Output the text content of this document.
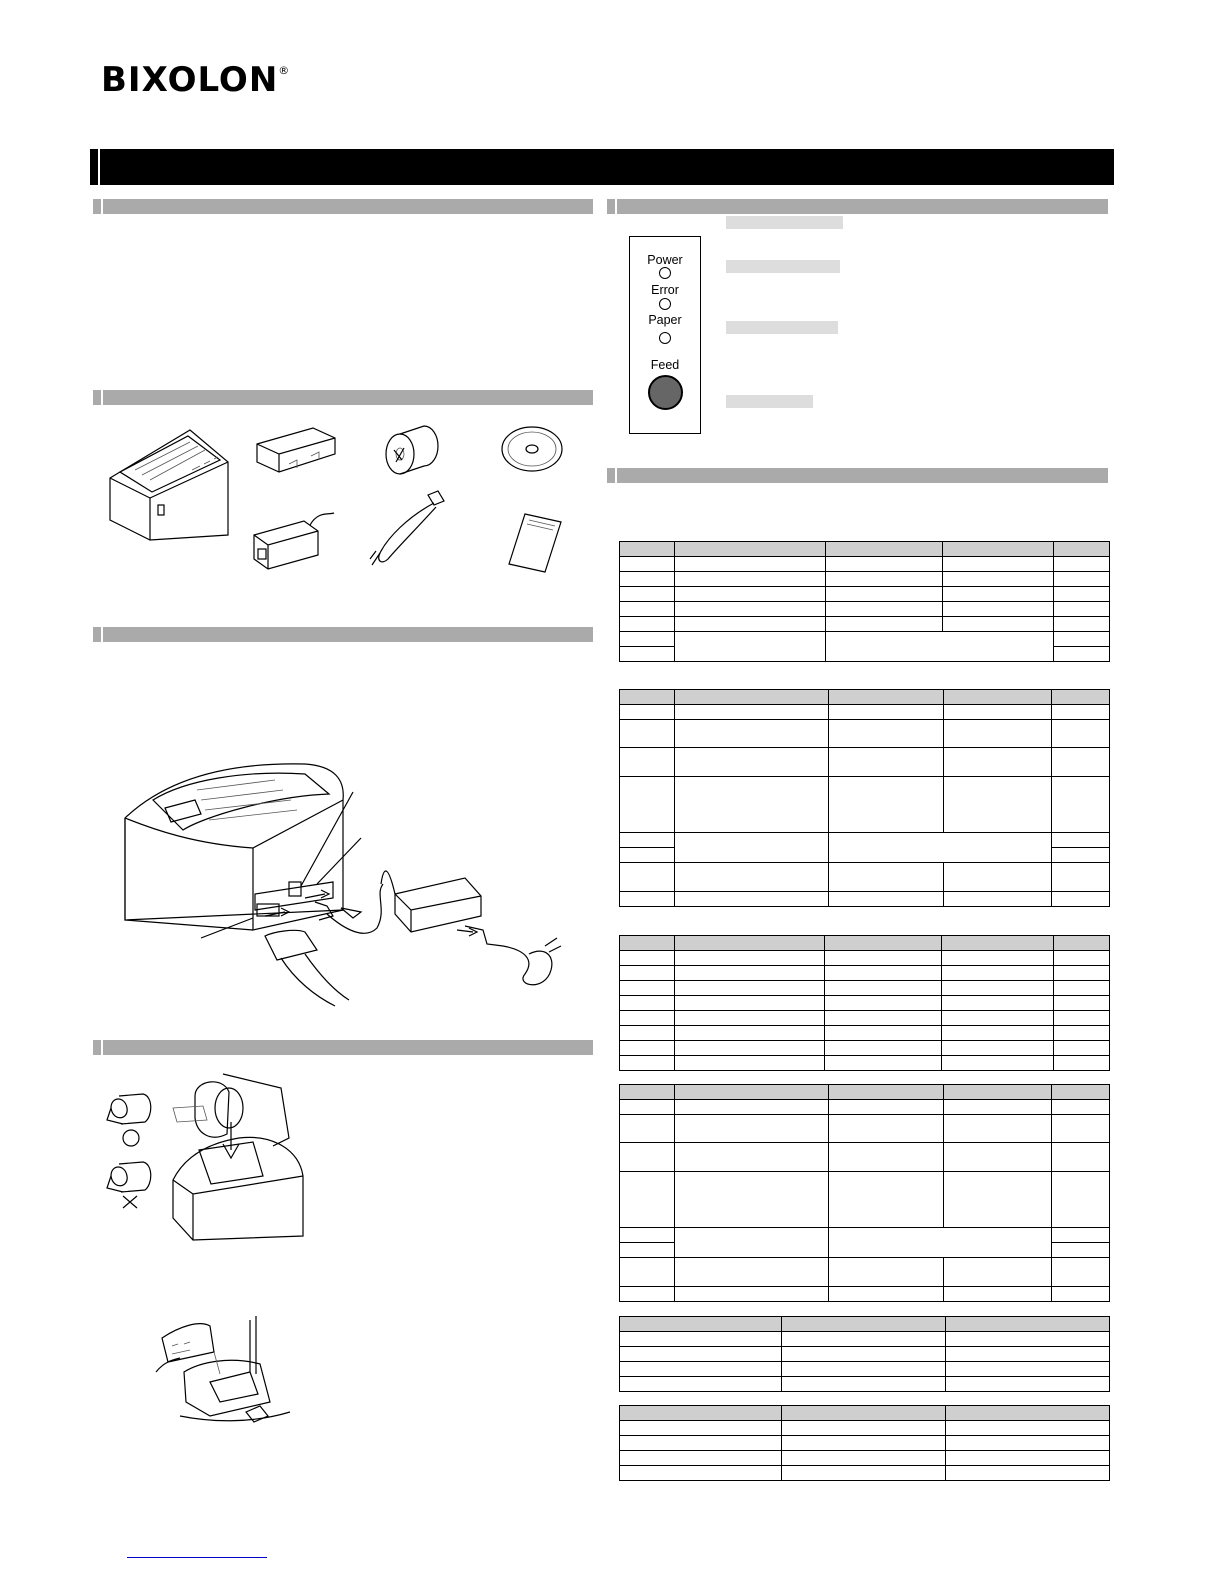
BIXOLON®
Power
Error
Paper
Feed
